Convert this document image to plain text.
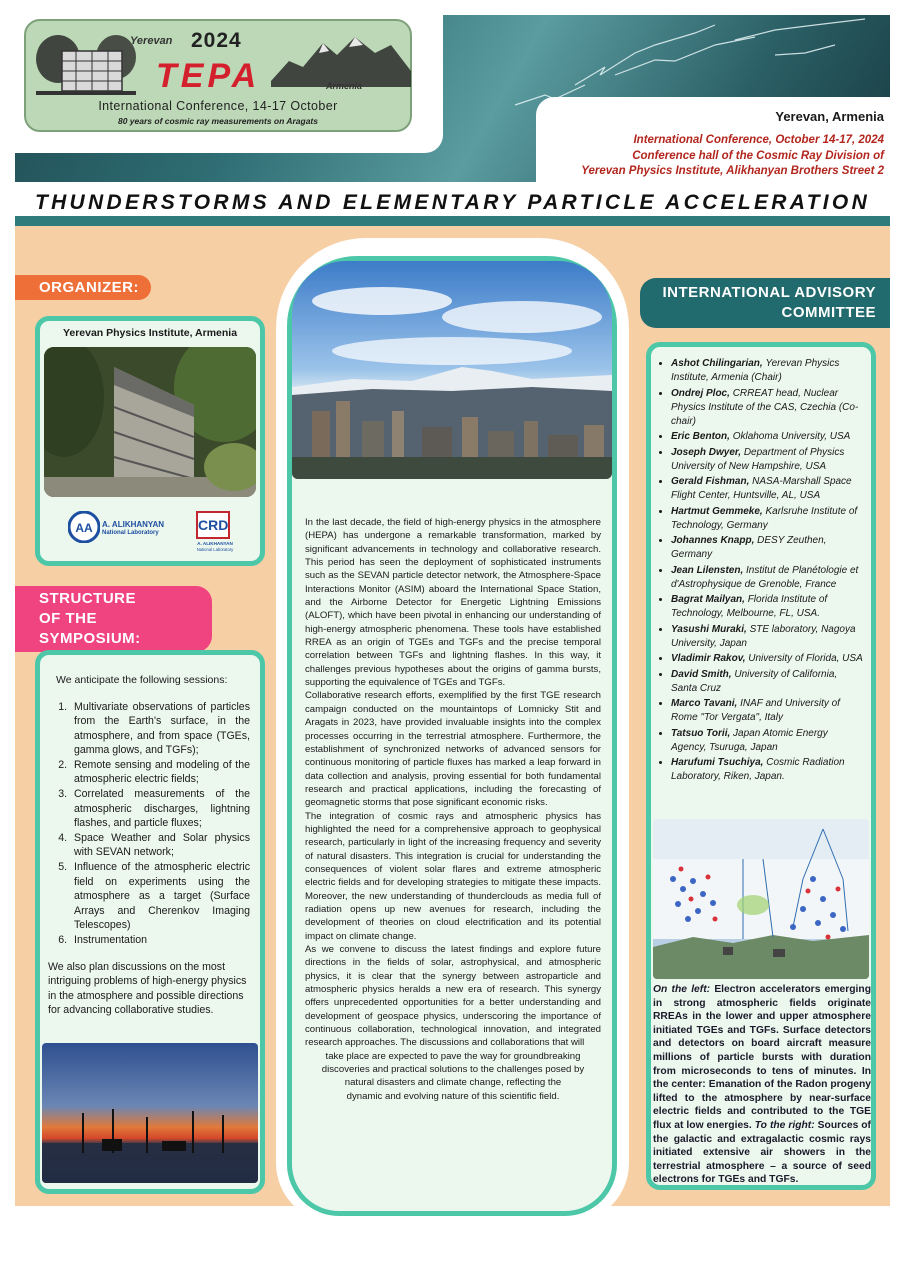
Yerevan 2024
TEPA	Armenia
International Conference, 14-17 October
80 years of cosmic ray measurements on Aragats	Yerevan, Armenia
International Conference, October 14-17, 2024
Conference hall of the Cosmic Ray Division of
Yerevan Physics Institute, Alikhanyan Brothers Street 2
THUNDERSTORMS AND ELEMENTARY PARTICLE ACCELERATION
ORGANIZER:
Yerevan Physics Institute, Armenia
AA A. ALIKHANYAN
National Laboratory	CRD
A. ALIKHANYAN
National Laboratory
STRUCTURE
OF THE SYMPOSIUM:
We anticipate the following sessions:
1. Multivariate observations of particles from the Earth's surface, in the atmosphere, and from space (TGEs, gamma glows, and TGFs);
2. Remote sensing and modeling of the atmospheric electric fields;
3. Correlated measurements of the atmospheric discharges, lightning flashes, and particle fluxes;
4. Space Weather and Solar physics with SEVAN network;
5. Influence of the atmospheric electric field on experiments using the atmosphere as a target (Surface Arrays and Cherenkov Imaging Telescopes)
6. Instrumentation
We also plan discussions on the most intriguing problems of high-energy physics in the atmosphere and possible directions for advancing collaborative studies.

In the last decade, the field of high-energy physics in the atmosphere (HEPA) has undergone a remarkable transformation, marked by significant advancements in technology and collaborative research. This period has seen the deployment of sophisticated instruments such as the SEVAN particle detector network, the Atmosphere-Space Interactions Monitor (ASIM) aboard the International Space Station, and the Airborne Detector for Energetic Lightning Emissions (ALOFT), which have been pivotal in enhancing our understanding of high-energy atmospheric phenomena. These tools have established RREA as an origin of TGEs and TGFs and the precise temporal correlation between TGFs and lightning flashes. In this way, it challenges previous hypotheses about the origins of gamma bursts, supporting the equivalence of TGEs and TGFs.

Collaborative research efforts, exemplified by the first TGE research campaign conducted on the mountaintops of Lomnicky Stit and Aragats in 2023, have provided invaluable insights into the complex processes occurring in the terrestrial atmosphere. Furthermore, the establishment of synchronized networks of advanced sensors for continuous monitoring of particle fluxes has marked a leap forward in data collection and analysis, proving essential for both fundamental research and practical applications, including the forecasting of geomagnetic storms that pose significant economic risks.

The integration of cosmic rays and atmospheric physics has highlighted the need for a comprehensive approach to geophysical research, particularly in light of the increasing frequency and severity of natural disasters. This integration is crucial for understanding the consequences of violent solar flares and extreme atmospheric electric fields and for developing strategies to mitigate these impacts. Moreover, the new understanding of thunderclouds as media full of radiation opens up new avenues for research, including the development of theories on cloud electrification and its potential impact on climate change.

As we convene to discuss the latest findings and explore future directions in the fields of solar, astrophysical, and atmospheric physics, it is clear that the synergy between astroparticle and atmospheric physics heralds a new era of research. This synergy offers unprecedented opportunities for a better understanding and development of geospace physics, underscoring the importance of continuous collaboration, technological innovation, and integrated research approaches. The discussions and collaborations that will

take place are expected to pave the way for groundbreaking

discoveries and practical solutions to the challenges posed by

natural disasters and climate change, reflecting the

dynamic and evolving nature of this scientific field.

INTERNATIONAL ADVISORY
COMMITTEE
• Ashot Chilingarian, Yerevan Physics Institute, Armenia (Chair)
• Ondrej Ploc, CRREAT head, Nuclear Physics Institute of the CAS, Czechia (Co-chair)
• Eric Benton, Oklahoma University, USA
• Joseph Dwyer, Department of Physics University of New Hampshire, USA
• Gerald Fishman, NASA-Marshall Space Flight Center, Huntsville, AL, USA
• Hartmut Gemmeke, Karlsruhe Institute of Technology, Germany
• Johannes Knapp, DESY Zeuthen, Germany
• Jean Lilensten, Institut de Planétologie et d'Astrophysique de Grenoble, France
• Bagrat Mailyan, Florida Institute of Technology, Melbourne, FL, USA.
• Yasushi Muraki, STE laboratory, Nagoya University, Japan
• Vladimir Rakov, University of Florida, USA
• David Smith, University of California, Santa Cruz
• Marco Tavani, INAF and University of Rome "Tor Vergata", Italy
• Tatsuo Torii, Japan Atomic Energy Agency, Tsuruga, Japan
• Harufumi Tsuchiya, Cosmic Radiation Laboratory, Riken, Japan.
On the left: Electron accelerators emerging in strong atmospheric fields originate RREAs in the lower and upper atmosphere initiated TGEs and TGFs. Surface detectors and detectors on board aircraft measure millions of particle bursts with duration from microseconds to tens of minutes. In the center: Emanation of the Radon progeny lifted to the atmosphere by near-surface electric fields and contributed to the TGE flux at low energies. To the right: Sources of the galactic and extragalactic cosmic rays initiated extensive air showers in the terrestrial atmosphere – a source of seed electrons for TGEs and TGFs.
